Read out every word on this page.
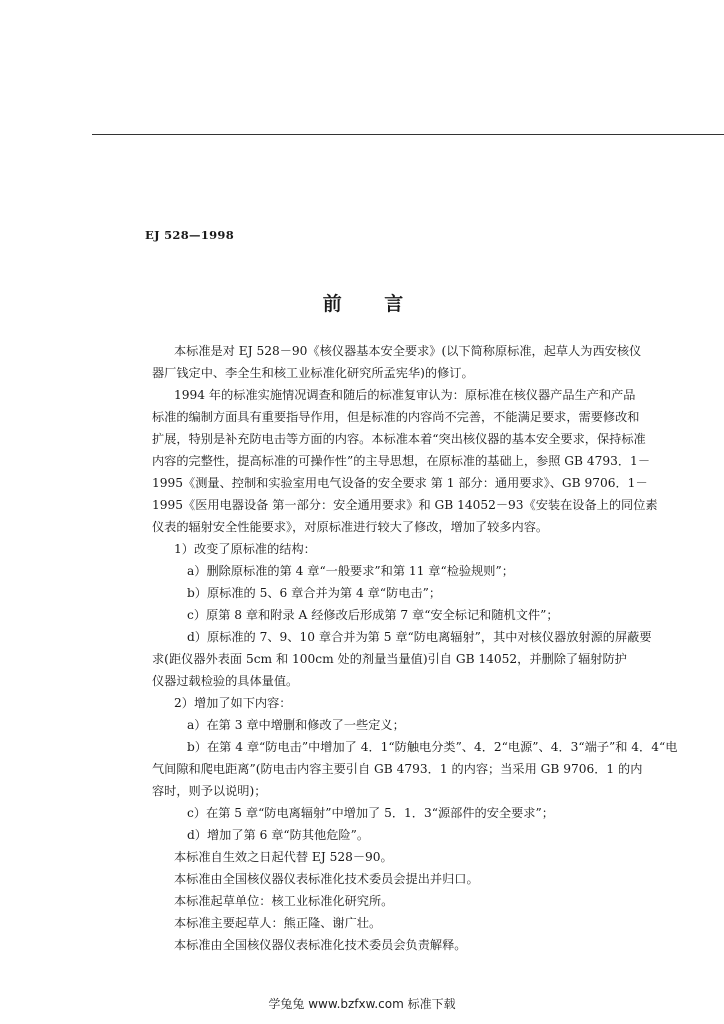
EJ 528—1998
前 言
本标准是对 EJ 528－90《核仪器基本安全要求》(以下简称原标准，起草人为西安核仪
器厂钱定中、李全生和核工业标准化研究所孟宪华)的修订。
1994 年的标准实施情况调查和随后的标准复审认为：原标准在核仪器产品生产和产品
标准的编制方面具有重要指导作用，但是标准的内容尚不完善，不能满足要求，需要修改和
扩展，特别是补充防电击等方面的内容。本标准本着“突出核仪器的基本安全要求，保持标准
内容的完整性，提高标准的可操作性”的主导思想，在原标准的基础上，参照 GB 4793．1－
1995《测量、控制和实验室用电气设备的安全要求 第 1 部分：通用要求》、GB 9706．1－
1995《医用电器设备 第一部分：安全通用要求》和 GB 14052－93《安装在设备上的同位素
仪表的辐射安全性能要求》，对原标准进行较大了修改，增加了较多内容。
1）改变了原标准的结构：
a）删除原标准的第 4 章“一般要求”和第 11 章“检验规则”；
b）原标准的 5、6 章合并为第 4 章“防电击”；
c）原第 8 章和附录 A 经修改后形成第 7 章“安全标记和随机文件”；
d）原标准的 7、9、10 章合并为第 5 章“防电离辐射”，其中对核仪器放射源的屏蔽要
求(距仪器外表面 5cm 和 100cm 处的剂量当量值)引自 GB 14052，并删除了辐射防护
仪器过载检验的具体量值。
2）增加了如下内容：
a）在第 3 章中增删和修改了一些定义；
b）在第 4 章“防电击”中增加了 4．1“防触电分类”、4．2“电源”、4．3“端子”和 4．4“电
气间隙和爬电距离”(防电击内容主要引自 GB 4793．1 的内容；当采用 GB 9706．1 的内
容时，则予以说明)；
c）在第 5 章“防电离辐射”中增加了 5．1．3“源部件的安全要求”；
d）增加了第 6 章“防其他危险”。
本标准自生效之日起代替 EJ 528－90。
本标准由全国核仪器仪表标准化技术委员会提出并归口。
本标准起草单位：核工业标准化研究所。
本标准主要起草人：熊正隆、谢广壮。
本标准由全国核仪器仪表标准化技术委员会负责解释。
学兔兔 www.bzfxw.com 标准下载
